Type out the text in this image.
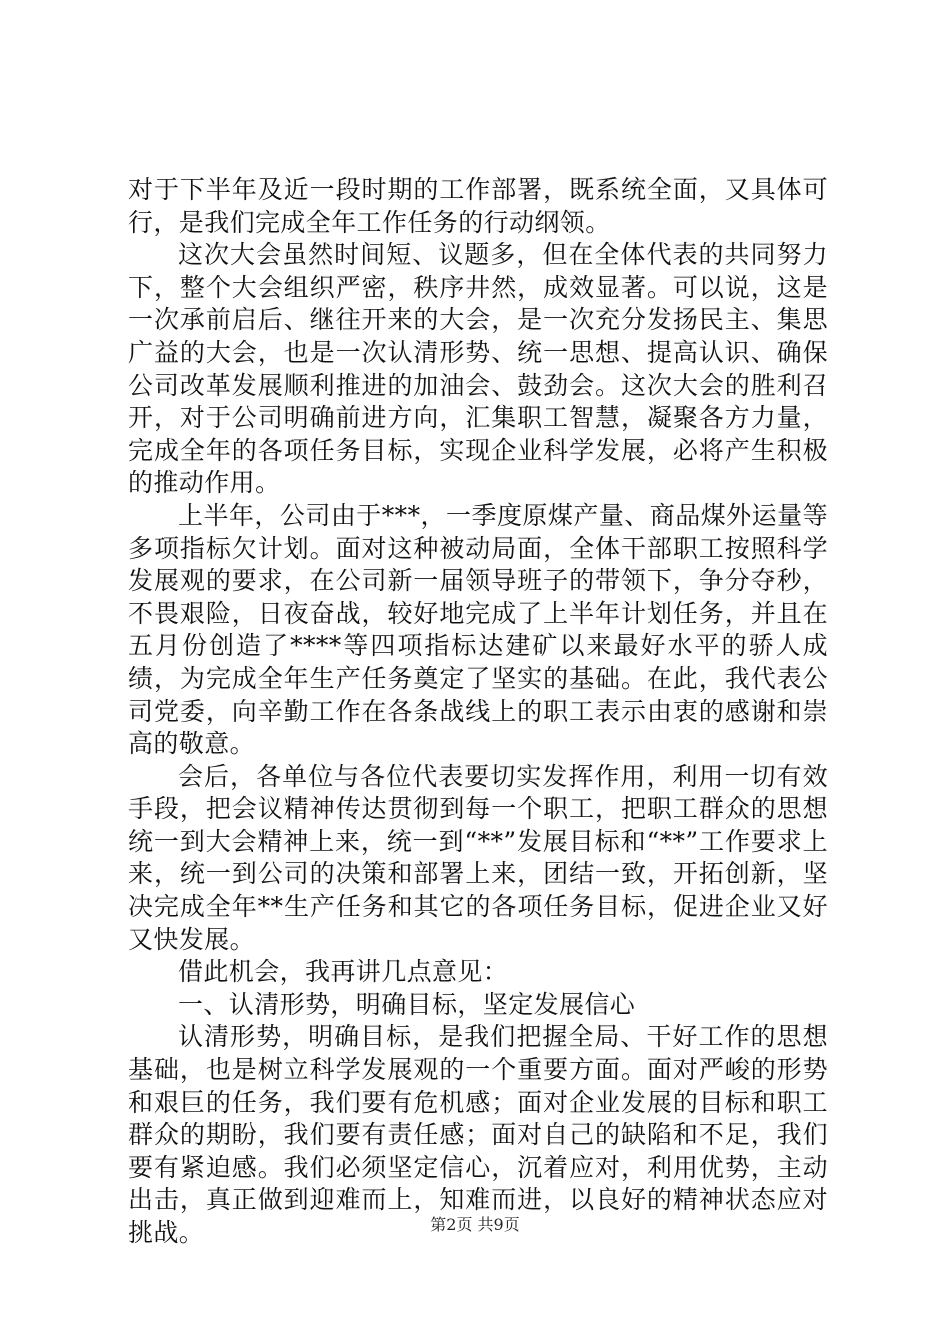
对于下半年及近一段时期的工作部署，既系统全面，又具体可行，是我们完成全年工作任务的行动纲领。

这次大会虽然时间短、议题多，但在全体代表的共同努力下，整个大会组织严密，秩序井然，成效显著。可以说，这是一次承前启后、继往开来的大会，是一次充分发扬民主、集思广益的大会，也是一次认清形势、统一思想、提高认识、确保公司改革发展顺利推进的加油会、鼓劲会。这次大会的胜利召开，对于公司明确前进方向，汇集职工智慧，凝聚各方力量，完成全年的各项任务目标，实现企业科学发展，必将产生积极的推动作用。

上半年，公司由于***，一季度原煤产量、商品煤外运量等多项指标欠计划。面对这种被动局面，全体干部职工按照科学发展观的要求，在公司新一届领导班子的带领下，争分夺秒，不畏艰险，日夜奋战，较好地完成了上半年计划任务，并且在五月份创造了****等四项指标达建矿以来最好水平的骄人成绩，为完成全年生产任务奠定了坚实的基础。在此，我代表公司党委，向辛勤工作在各条战线上的职工表示由衷的感谢和崇高的敬意。

会后，各单位与各位代表要切实发挥作用，利用一切有效手段，把会议精神传达贯彻到每一个职工，把职工群众的思想统一到大会精神上来，统一到“**”发展目标和“**”工作要求上来，统一到公司的决策和部署上来，团结一致，开拓创新，坚决完成全年**生产任务和其它的各项任务目标，促进企业又好又快发展。

借此机会，我再讲几点意见：

一、认清形势，明确目标，坚定发展信心

认清形势，明确目标，是我们把握全局、干好工作的思想基础，也是树立科学发展观的一个重要方面。面对严峻的形势和艰巨的任务，我们要有危机感；面对企业发展的目标和职工群众的期盼，我们要有责任感；面对自己的缺陷和不足，我们要有紧迫感。我们必须坚定信心，沉着应对，利用优势，主动出击，真正做到迎难而上，知难而进，以良好的精神状态应对挑战。	第2页 共9页
